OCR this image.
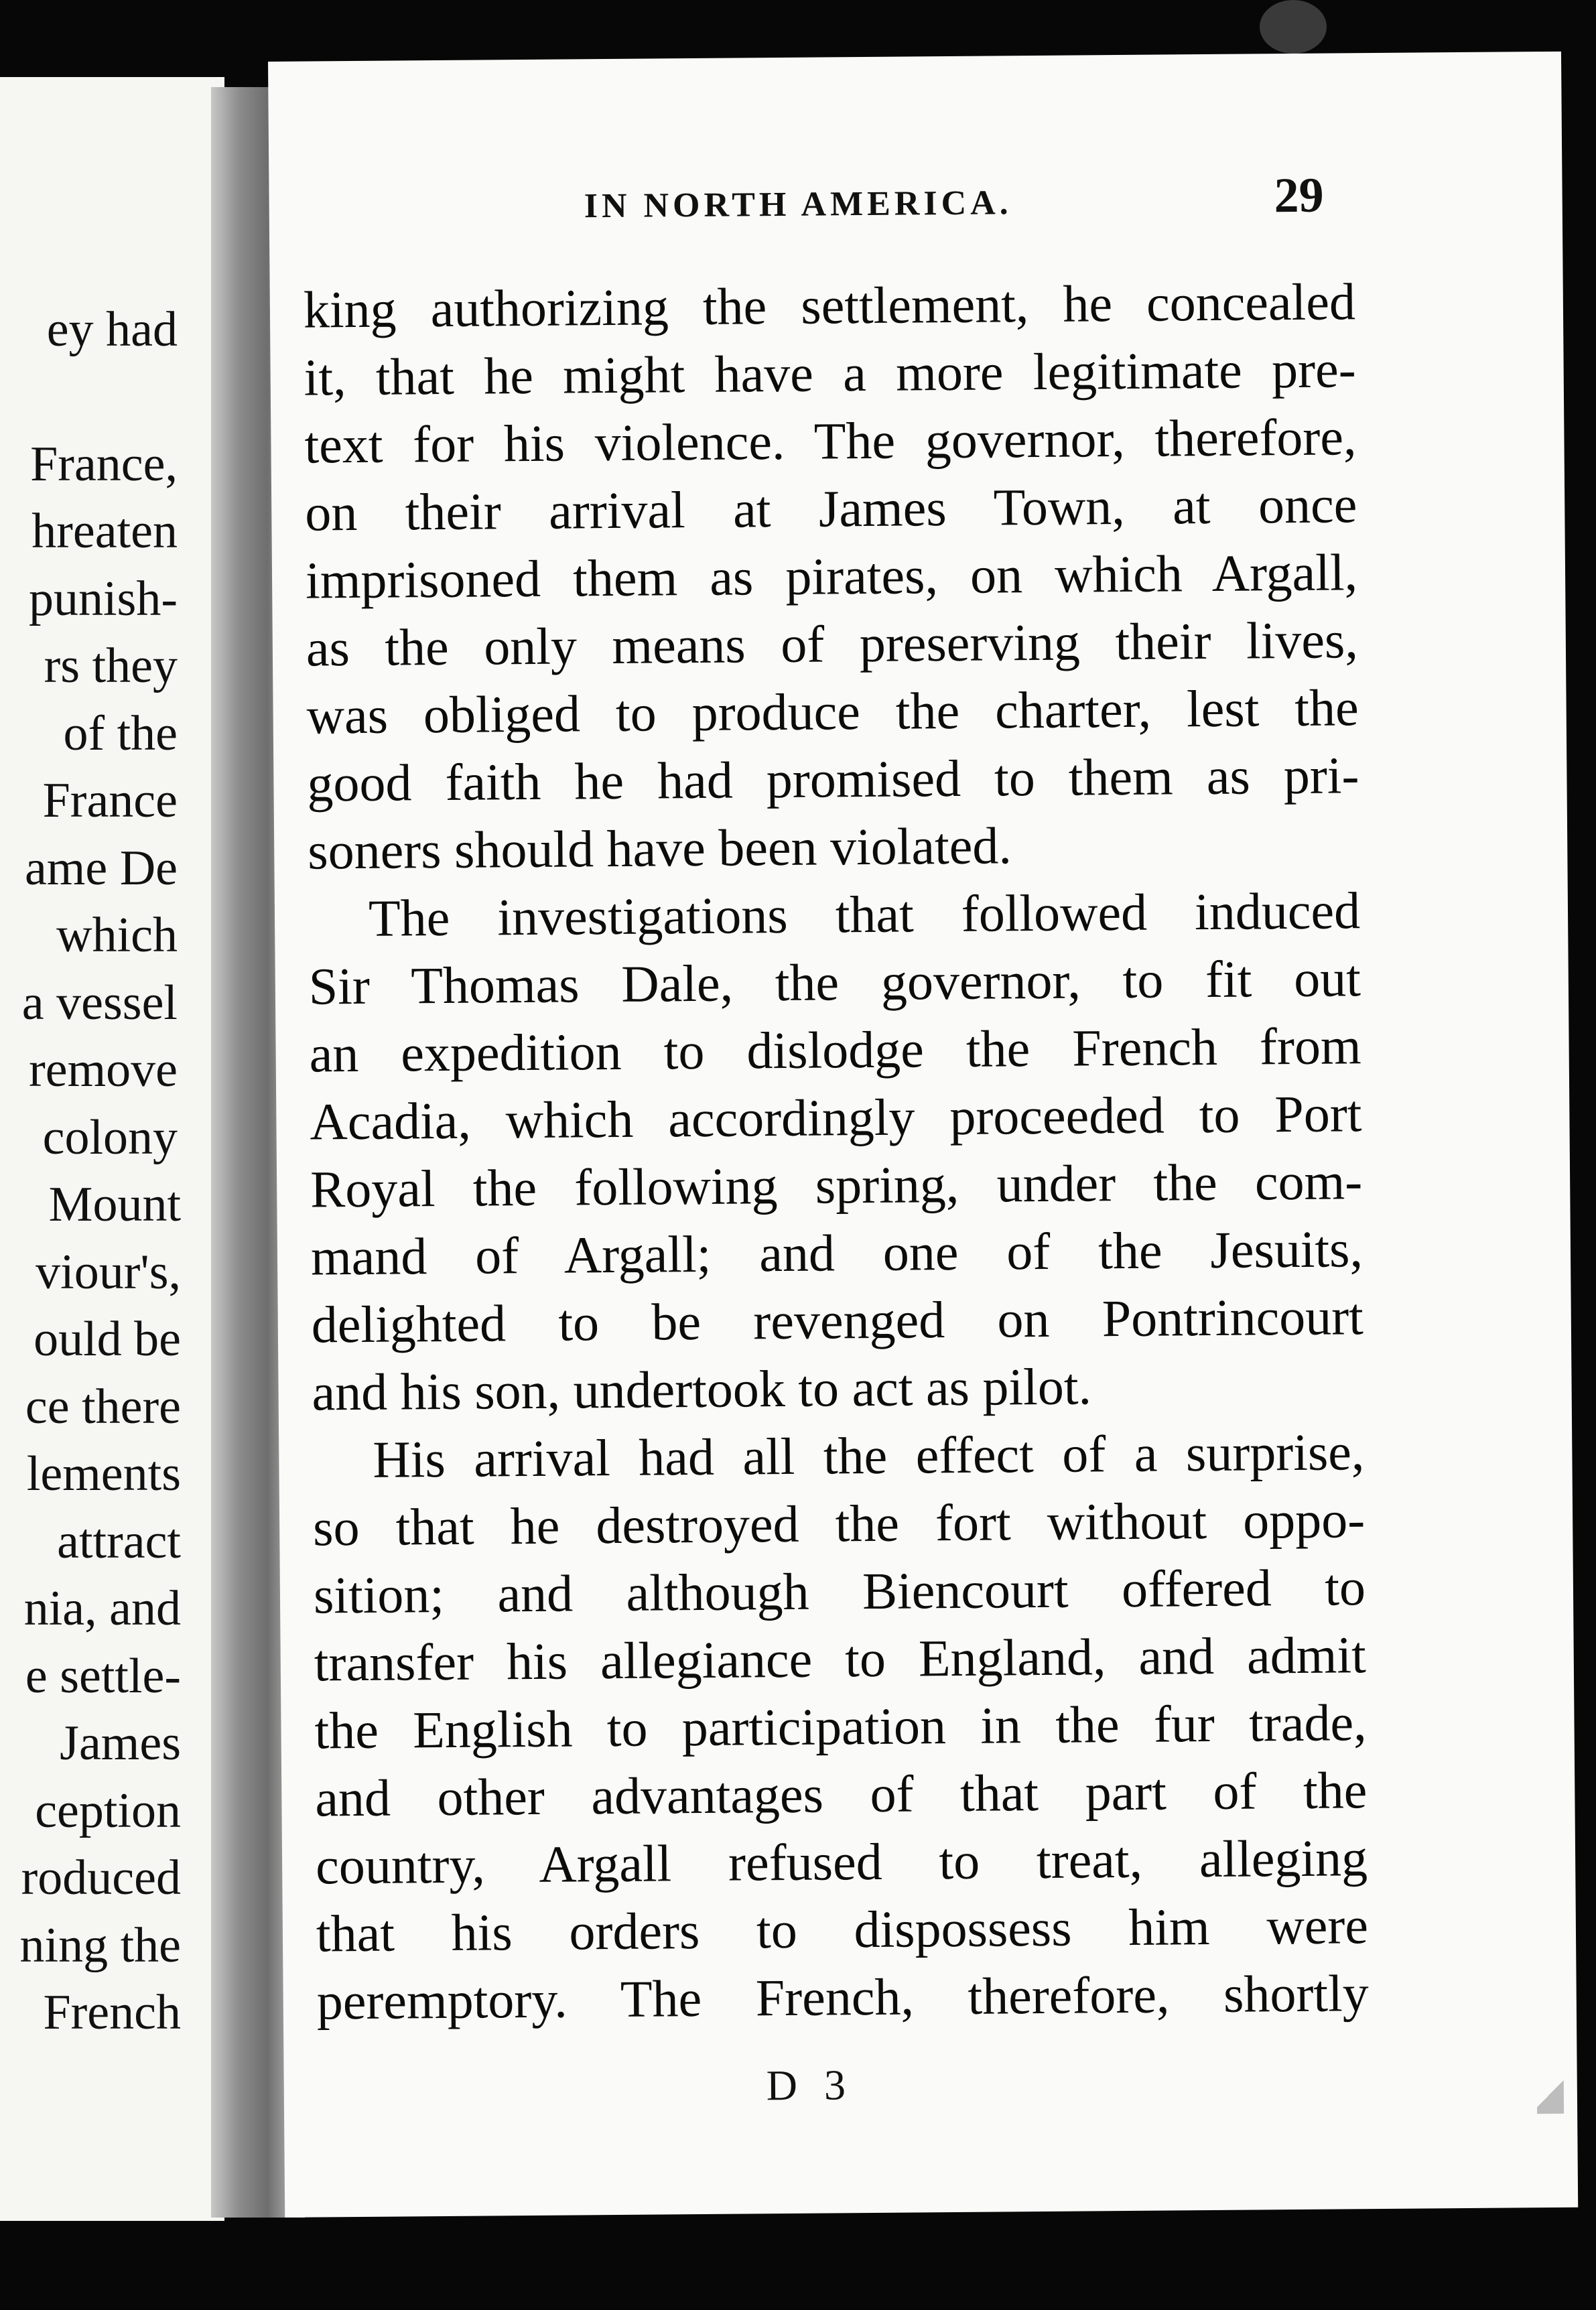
ey had
France,
hreaten
punish-
rs they
of the
France
ame De
which
a vessel
remove
colony
Mount
viour's,
ould be
ce there
lements
attract
nia, and
e settle-
James
ception
roduced
ning the
French
IN NORTH AMERICA.	29
king authorizing the settlement, he concealed
it, that he might have a more legitimate pre-
text for his violence. The governor, therefore,
on their arrival at James Town, at once
imprisoned them as pirates, on which Argall,
as the only means of preserving their lives,
was obliged to produce the charter, lest the
good faith he had promised to them as pri-
soners should have been violated.
The investigations that followed induced
Sir Thomas Dale, the governor, to fit out
an expedition to dislodge the French from
Acadia, which accordingly proceeded to Port
Royal the following spring, under the com-
mand of Argall; and one of the Jesuits,
delighted to be revenged on Pontrincourt
and his son, undertook to act as pilot.
His arrival had all the effect of a surprise,
so that he destroyed the fort without oppo-
sition; and although Biencourt offered to
transfer his allegiance to England, and admit
the English to participation in the fur trade,
and other advantages of that part of the
country, Argall refused to treat, alleging
that his orders to dispossess him were
peremptory. The French, therefore, shortly
D 3
